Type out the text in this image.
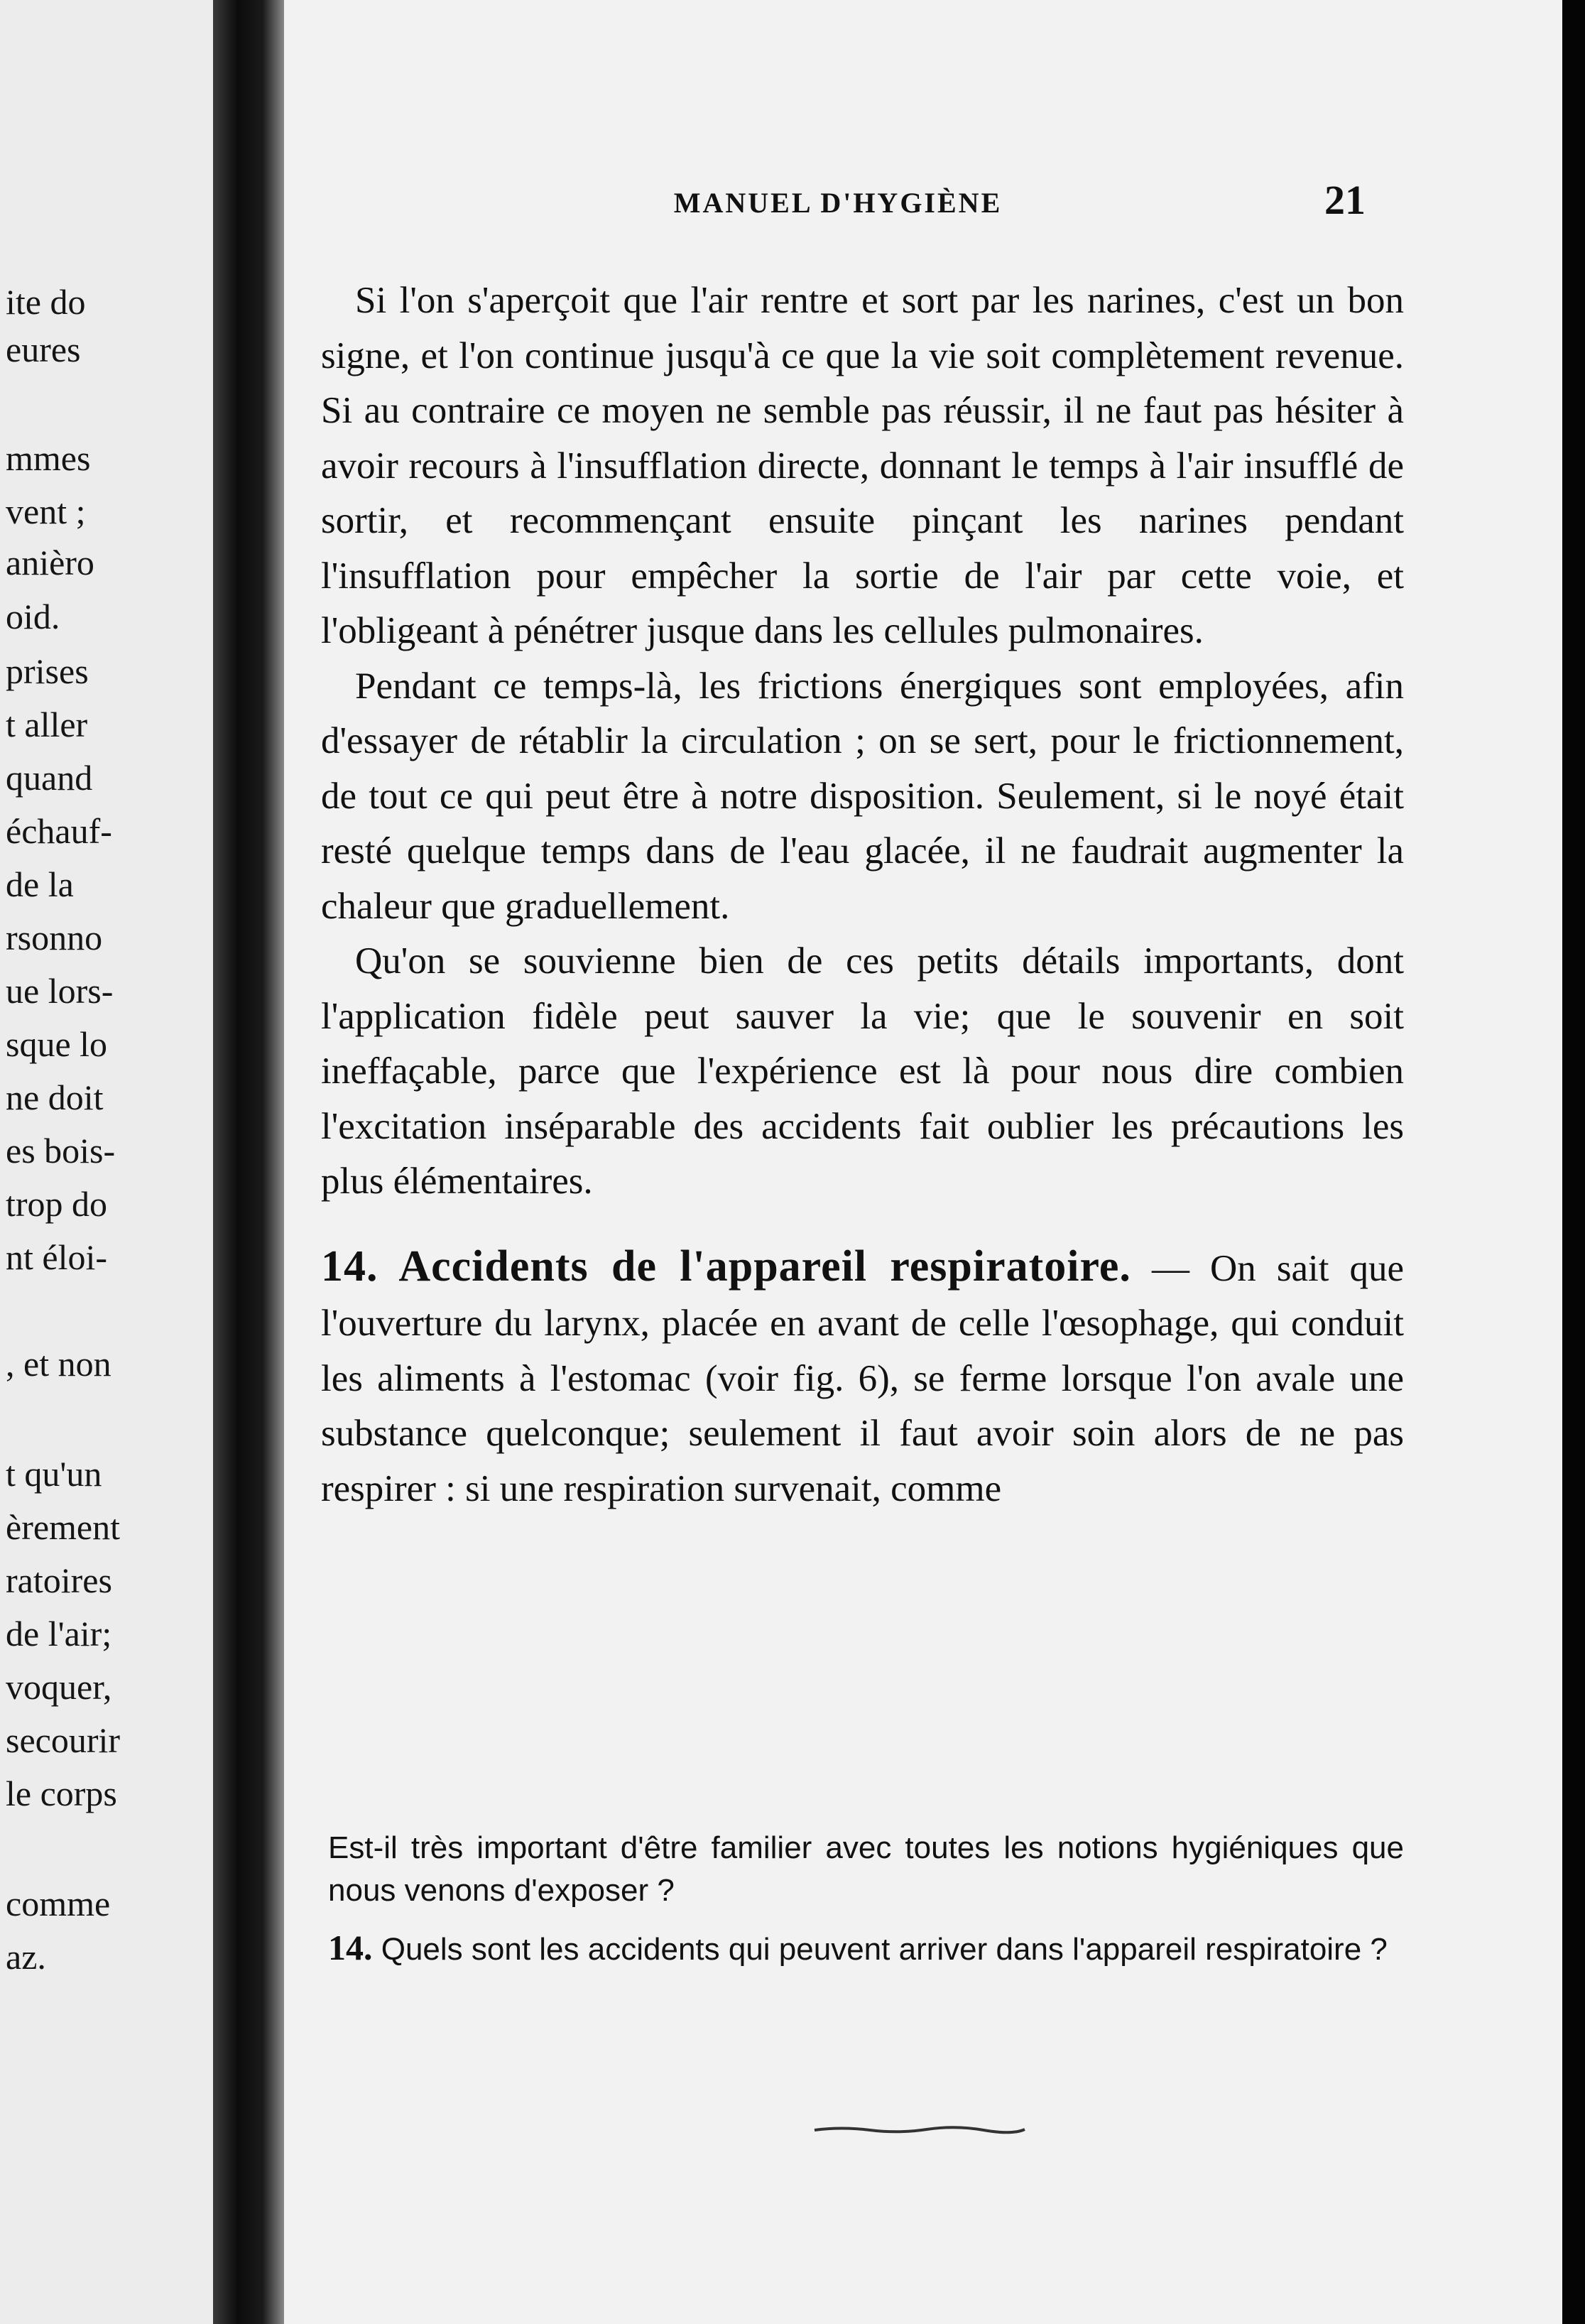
ite do
eures
mmes
vent ;
anièro
oid.
prises
t aller
quand
échauf-
de la
rsonno
ue lors-
sque lo
ne doit
es bois-
trop do
nt éloi-
, et non
t qu'un
èrement
ratoires
de l'air;
voquer,
secourir
le corps
comme
az.
MANUEL D'HYGIÈNE	21

Si l'on s'aperçoit que l'air rentre et sort par les narines, c'est un bon signe, et l'on continue jusqu'à ce que la vie soit complètement revenue. Si au contraire ce moyen ne semble pas réussir, il ne faut pas hésiter à avoir recours à l'insufflation directe, donnant le temps à l'air insufflé de sortir, et recommençant ensuite pinçant les narines pendant l'insufflation pour empêcher la sortie de l'air par cette voie, et l'obligeant à pénétrer jusque dans les cellules pulmonaires.

Pendant ce temps-là, les frictions énergiques sont employées, afin d'essayer de rétablir la circulation ; on se sert, pour le frictionnement, de tout ce qui peut être à notre disposition. Seulement, si le noyé était resté quelque temps dans de l'eau glacée, il ne faudrait augmenter la chaleur que graduellement.

Qu'on se souvienne bien de ces petits détails importants, dont l'application fidèle peut sauver la vie; que le souvenir en soit ineffaçable, parce que l'expérience est là pour nous dire combien l'excitation inséparable des accidents fait oublier les précautions les plus élémentaires.

14. Accidents de l'appareil respiratoire. — On sait que l'ouverture du larynx, placée en avant de celle l'œsophage, qui conduit les aliments à l'estomac (voir fig. 6), se ferme lorsque l'on avale une substance quelconque; seulement il faut avoir soin alors de ne pas respirer : si une respiration survenait, comme

Est-il très important d'être familier avec toutes les notions hygiéniques que nous venons d'exposer ?

14. Quels sont les accidents qui peuvent arriver dans l'appareil respiratoire ?
